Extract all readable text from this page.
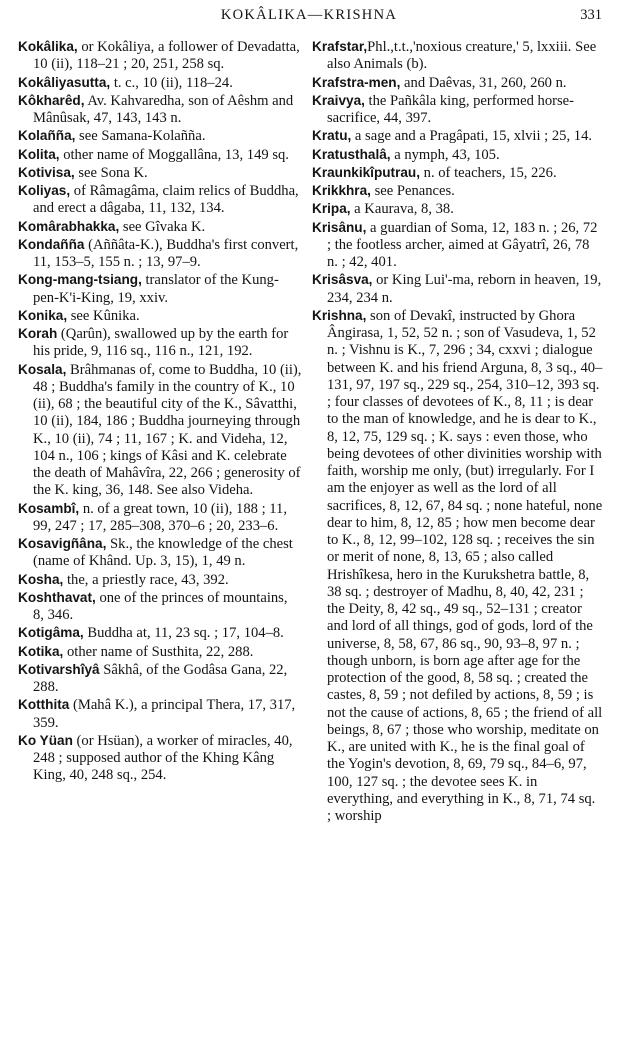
KOKÂLIKA—KRISHNA	331

Kokâlika, or Kokâliya, a follower of Devadatta, 10 (ii), 118–21 ; 20, 251, 258 sq.

Kokâliyasutta, t. c., 10 (ii), 118–24.

Kôkharêd, Av. Kahvaredha, son of Aêshm and Mânûsak, 47, 143, 143 n.

Kolañña, see Samana-Kolañña.

Kolita, other name of Moggallâna, 13, 149 sq.

Kotivisa, see Sona K.

Koliyas, of Râmagâma, claim relics of Buddha, and erect a dâgaba, 11, 132, 134.

Komârabhakka, see Gîvaka K.

Kondañña (Aññâta-K.), Buddha's first convert, 11, 153–5, 155 n. ; 13, 97–9.

Kong-mang-tsiang, translator of the Kung-pen-K'i-King, 19, xxiv.

Konika, see Kûnika.

Korah (Qarûn), swallowed up by the earth for his pride, 9, 116 sq., 116 n., 121, 192.

Kosala, Brâhmanas of, come to Buddha, 10 (ii), 48 ; Buddha's family in the country of K., 10 (ii), 68 ; the beautiful city of the K., Sâvatthi, 10 (ii), 184, 186 ; Buddha journeying through K., 10 (ii), 74 ; 11, 167 ; K. and Videha, 12, 104 n., 106 ; kings of Kâsi and K. celebrate the death of Mahâvîra, 22, 266 ; generosity of the K. king, 36, 148. See also Videha.

Kosambî, n. of a great town, 10 (ii), 188 ; 11, 99, 247 ; 17, 285–308, 370–6 ; 20, 233–6.

Kosavigñâna, Sk., the knowledge of the chest (name of Khând. Up. 3, 15), 1, 49 n.

Kosha, the, a priestly race, 43, 392.

Koshthavat, one of the princes of mountains, 8, 346.

Kotigâma, Buddha at, 11, 23 sq. ; 17, 104–8.

Kotika, other name of Susthita, 22, 288.

Kotivarshîyâ Sâkhâ, of the Godâsa Gana, 22, 288.

Kotthita (Mahâ K.), a principal Thera, 17, 317, 359.

Ko Yüan (or Hsüan), a worker of miracles, 40, 248 ; supposed author of the Khing Kâng King, 40, 248 sq., 254.

Krafstar,Phl.,t.t.,'noxious creature,' 5, lxxiii. See also Animals (b).

Krafstra-men, and Daêvas, 31, 260, 260 n.

Kraivya, the Pañkâla king, performed horse-sacrifice, 44, 397.

Kratu, a sage and a Pragâpati, 15, xlvii ; 25, 14.

Kratusthalâ, a nymph, 43, 105.

Kraunkikîputrau, n. of teachers, 15, 226.

Krikkhra, see Penances.

Kripa, a Kaurava, 8, 38.

Krisânu, a guardian of Soma, 12, 183 n. ; 26, 72 ; the footless archer, aimed at Gâyatrî, 26, 78 n. ; 42, 401.

Krisâsva, or King Lui'-ma, reborn in heaven, 19, 234, 234 n.

Krishna, son of Devakî, instructed by Ghora Ângirasa, 1, 52, 52 n. ; son of Vasudeva, 1, 52 n. ; Vishnu is K., 7, 296 ; 34, cxxvi ; dialogue between K. and his friend Arguna, 8, 3 sq., 40–131, 97, 197 sq., 229 sq., 254, 310–12, 393 sq. ; four classes of devotees of K., 8, 11 ; is dear to the man of knowledge, and he is dear to K., 8, 12, 75, 129 sq. ; K. says : even those, who being devotees of other divinities worship with faith, worship me only, (but) irregularly. For I am the enjoyer as well as the lord of all sacrifices, 8, 12, 67, 84 sq. ; none hateful, none dear to him, 8, 12, 85 ; how men become dear to K., 8, 12, 99–102, 128 sq. ; receives the sin or merit of none, 8, 13, 65 ; also called Hrishîkesa, hero in the Kurukshetra battle, 8, 38 sq. ; destroyer of Madhu, 8, 40, 42, 231 ; the Deity, 8, 42 sq., 49 sq., 52–131 ; creator and lord of all things, god of gods, lord of the universe, 8, 58, 67, 86 sq., 90, 93–8, 97 n. ; though unborn, is born age after age for the protection of the good, 8, 58 sq. ; created the castes, 8, 59 ; not defiled by actions, 8, 59 ; is not the cause of actions, 8, 65 ; the friend of all beings, 8, 67 ; those who worship, meditate on K., are united with K., he is the final goal of the Yogin's devotion, 8, 69, 79 sq., 84–6, 97, 100, 127 sq. ; the devotee sees K. in everything, and everything in K., 8, 71, 74 sq. ; worship
